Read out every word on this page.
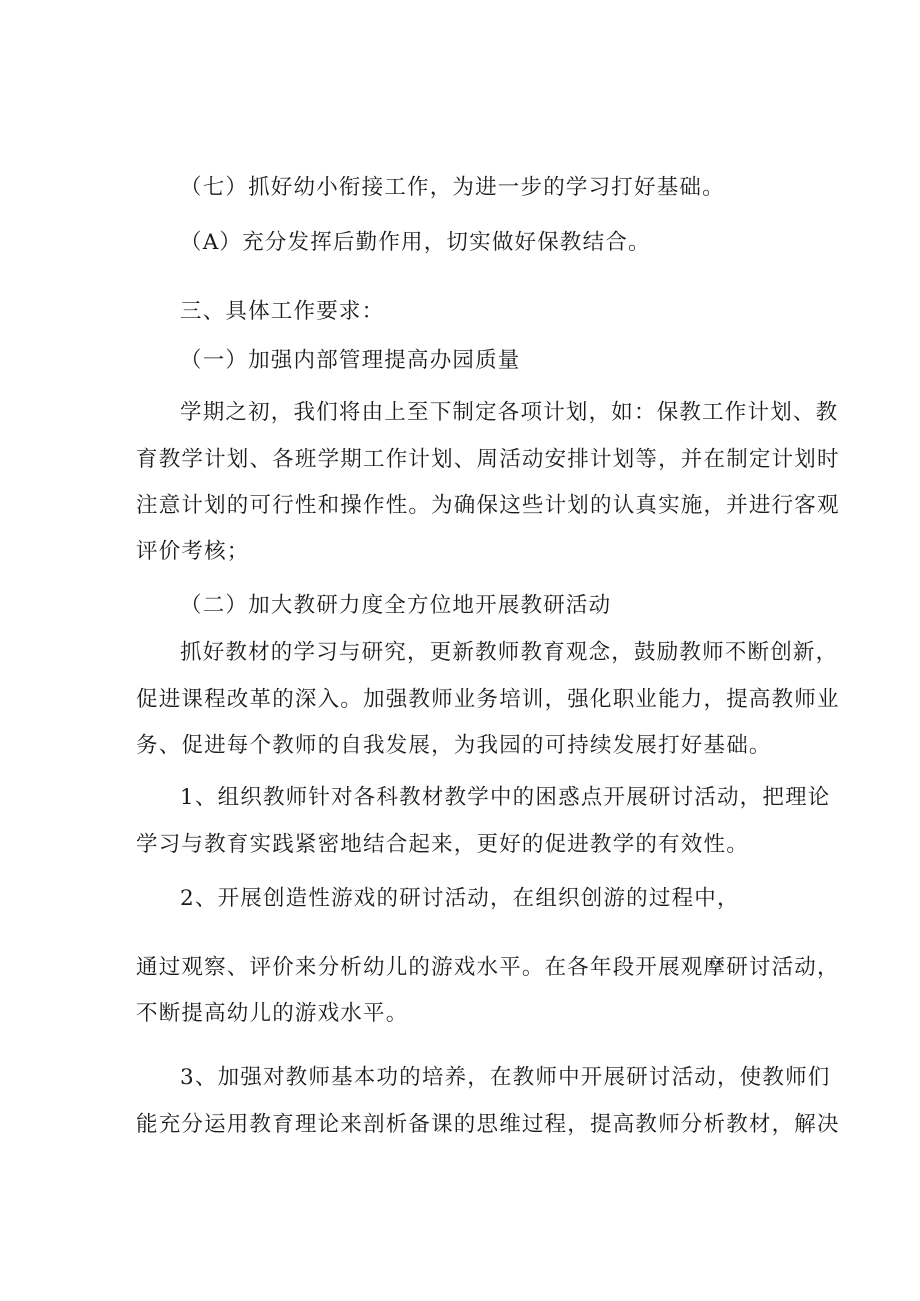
（七）抓好幼小衔接工作，为进一步的学习打好基础。
（A）充分发挥后勤作用，切实做好保教结合。
三、具体工作要求：
（一）加强内部管理提高办园质量
学期之初，我们将由上至下制定各项计划，如：保教工作计划、教
育教学计划、各班学期工作计划、周活动安排计划等，并在制定计划时
注意计划的可行性和操作性。为确保这些计划的认真实施，并进行客观
评价考核；
（二）加大教研力度全方位地开展教研活动
抓好教材的学习与研究，更新教师教育观念，鼓励教师不断创新，
促进课程改革的深入。加强教师业务培训，强化职业能力，提高教师业
务、促进每个教师的自我发展，为我园的可持续发展打好基础。
1、组织教师针对各科教材教学中的困惑点开展研讨活动，把理论
学习与教育实践紧密地结合起来，更好的促进教学的有效性。
2、开展创造性游戏的研讨活动，在组织创游的过程中，
通过观察、评价来分析幼儿的游戏水平。在各年段开展观摩研讨活动，
不断提高幼儿的游戏水平。
3、加强对教师基本功的培养，在教师中开展研讨活动，使教师们
能充分运用教育理论来剖析备课的思维过程，提高教师分析教材，解决
